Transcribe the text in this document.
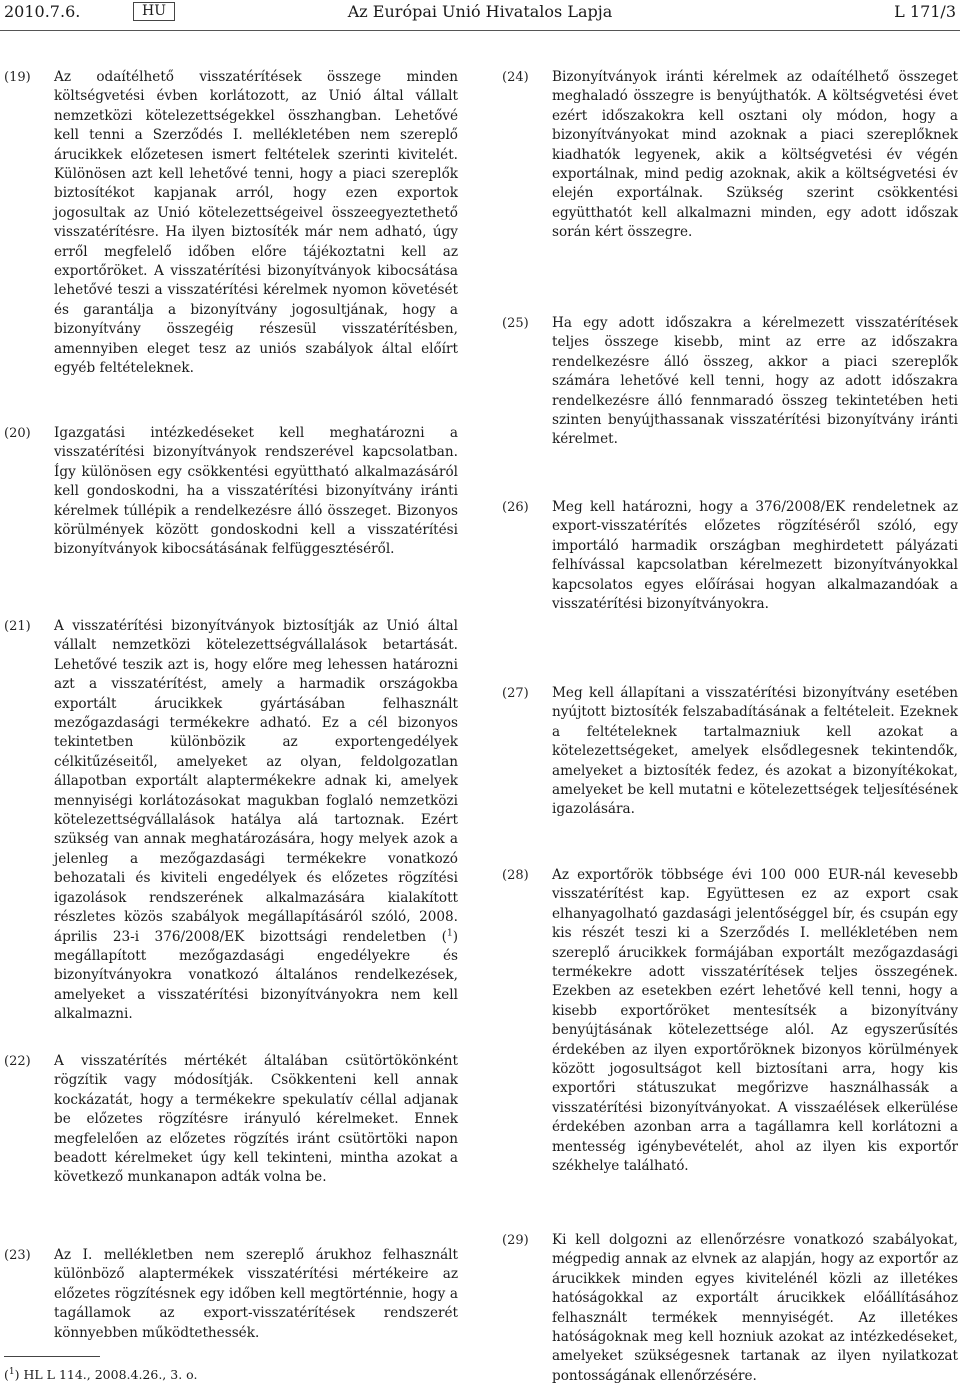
Az Európai Unió Hivatalos Lapja
2010.7.6.	HU	L 171/3
(19) Az odaítélhető visszatérítések összege minden költségvetési évben korlátozott, az Unió által vállalt nemzetközi kötelezettségekkel összhangban. Lehetővé kell tenni a Szerződés I. mellékletében nem szereplő árucikkek előzetesen ismert feltételek szerinti kivitelét. Különösen azt kell lehetővé tenni, hogy a piaci szereplők biztosítékot kapjanak arról, hogy ezen exportok jogosultak az Unió kötelezettségeivel összeegyeztethető visszatérítésre. Ha ilyen biztosíték már nem adható, úgy erről megfelelő időben előre tájékoztatni kell az exportőröket. A visszatérítési bizonyítványok kibocsátása lehetővé teszi a visszatérítési kérelmek nyomon követését és garantálja a bizonyítvány jogosultjának, hogy a bizonyítvány összegéig részesül visszatérítésben, amennyiben eleget tesz az uniós szabályok által előírt egyéb feltételeknek.
(20) Igazgatási intézkedéseket kell meghatározni a visszatérítési bizonyítványok rendszerével kapcsolatban. Így különösen egy csökkentési együttható alkalmazásáról kell gondoskodni, ha a visszatérítési bizonyítvány iránti kérelmek túllépik a rendelkezésre álló összeget. Bizonyos körülmények között gondoskodni kell a visszatérítési bizonyítványok kibocsátásának felfüggesztéséről.
(21) A visszatérítési bizonyítványok biztosítják az Unió által vállalt nemzetközi kötelezettségvállalások betartását. Lehetővé teszik azt is, hogy előre meg lehessen határozni azt a visszatérítést, amely a harmadik országokba exportált árucikkek gyártásában felhasznált mezőgazdasági termékekre adható. Ez a cél bizonyos tekintetben különbözik az exportengedélyek célkitűzéseitől, amelyeket az olyan, feldolgozatlan állapotban exportált alaptermékekre adnak ki, amelyek mennyiségi korlátozásokat magukban foglaló nemzetközi kötelezettségvállalások hatálya alá tartoznak. Ezért szükség van annak meghatározására, hogy melyek azok a jelenleg a mezőgazdasági termékekre vonatkozó behozatali és kiviteli engedélyek és előzetes rögzítési igazolások rendszerének alkalmazására kialakított részletes közös szabályok megállapításáról szóló, 2008. április 23-i 376/2008/EK bizottsági rendeletben ($^1$) megállapított mezőgazdasági engedélyekre és bizonyítványokra vonatkozó általános rendelkezések, amelyeket a visszatérítési bizonyítványokra nem kell alkalmazni.
(22) A visszatérítés mértékét általában csütörtökönként rögzítik vagy módosítják. Csökkenteni kell annak kockázatát, hogy a termékekre spekulatív céllal adjanak be előzetes rögzítésre irányuló kérelmeket. Ennek megfelelően az előzetes rögzítés iránt csütörtöki napon beadott kérelmeket úgy kell tekinteni, mintha azokat a következő munkanapon adták volna be.
(23) Az I. mellékletben nem szereplő árukhoz felhasznált különböző alaptermékek visszatérítési mértékeire az előzetes rögzítésnek egy időben kell megtörténnie, hogy a tagállamok az export-visszatérítések rendszerét könnyebben működtethessék.
(24) Bizonyítványok iránti kérelmek az odaítélhető összeget meghaladó összegre is benyújthatók. A költségvetési évet ezért időszakokra kell osztani oly módon, hogy a bizonyítványokat mind azoknak a piaci szereplőknek kiadhatók legyenek, akik a költségvetési év végén exportálnak, mind pedig azoknak, akik a költségvetési év elején exportálnak. Szükség szerint csökkentési együtthatót kell alkalmazni minden, egy adott időszak során kért összegre.
(25) Ha egy adott időszakra a kérelmezett visszatérítések teljes összege kisebb, mint az erre az időszakra rendelkezésre álló összeg, akkor a piaci szereplők számára lehetővé kell tenni, hogy az adott időszakra rendelkezésre álló fennmaradó összeg tekintetében heti szinten benyújthassanak visszatérítési bizonyítvány iránti kérelmet.
(26) Meg kell határozni, hogy a 376/2008/EK rendeletnek az export-visszatérítés előzetes rögzítéséről szóló, egy importáló harmadik országban meghirdetett pályázati felhívással kapcsolatban kérelmezett bizonyítványokkal kapcsolatos egyes előírásai hogyan alkalmazandóak a visszatérítési bizonyítványokra.
(27) Meg kell állapítani a visszatérítési bizonyítvány esetében nyújtott biztosíték felszabadításának a feltételeit. Ezeknek a feltételeknek tartalmazniuk kell azokat a kötelezettségeket, amelyek elsődlegesnek tekintendők, amelyeket a biztosíték fedez, és azokat a bizonyítékokat, amelyeket be kell mutatni e kötelezettségek teljesítésének igazolására.
(28) Az exportőrök többsége évi 100 000 EUR-nál kevesebb visszatérítést kap. Együttesen ez az export csak elhanyagolható gazdasági jelentőséggel bír, és csupán egy kis részét teszi ki a Szerződés I. mellékletében nem szereplő árucikkek formájában exportált mezőgazdasági termékekre adott visszatérítések teljes összegének. Ezekben az esetekben ezért lehetővé kell tenni, hogy a kisebb exportőröket mentesítsék a bizonyítvány benyújtásának kötelezettsége alól. Az egyszerűsítés érdekében az ilyen exportőröknek bizonyos körülmények között jogosultságot kell biztosítani arra, hogy kis exportőri státuszukat megőrizve használhassák a visszatérítési bizonyítványokat. A visszaélések elkerülése érdekében azonban arra a tagállamra kell korlátozni a mentesség igénybevételét, ahol az ilyen kis exportőr székhelye található.
(29) Ki kell dolgozni az ellenőrzésre vonatkozó szabályokat, mégpedig annak az elvnek az alapján, hogy az exportőr az árucikkek minden egyes kivitelénél közli az illetékes hatóságokkal az exportált árucikkek előállításához felhasznált termékek mennyiségét. Az illetékes hatóságoknak meg kell hozniuk azokat az intézkedéseket, amelyeket szükségesnek tartanak az ilyen nyilatkozat pontosságának ellenőrzésére.
($^1$) HL L 114., 2008.4.26., 3. o.
